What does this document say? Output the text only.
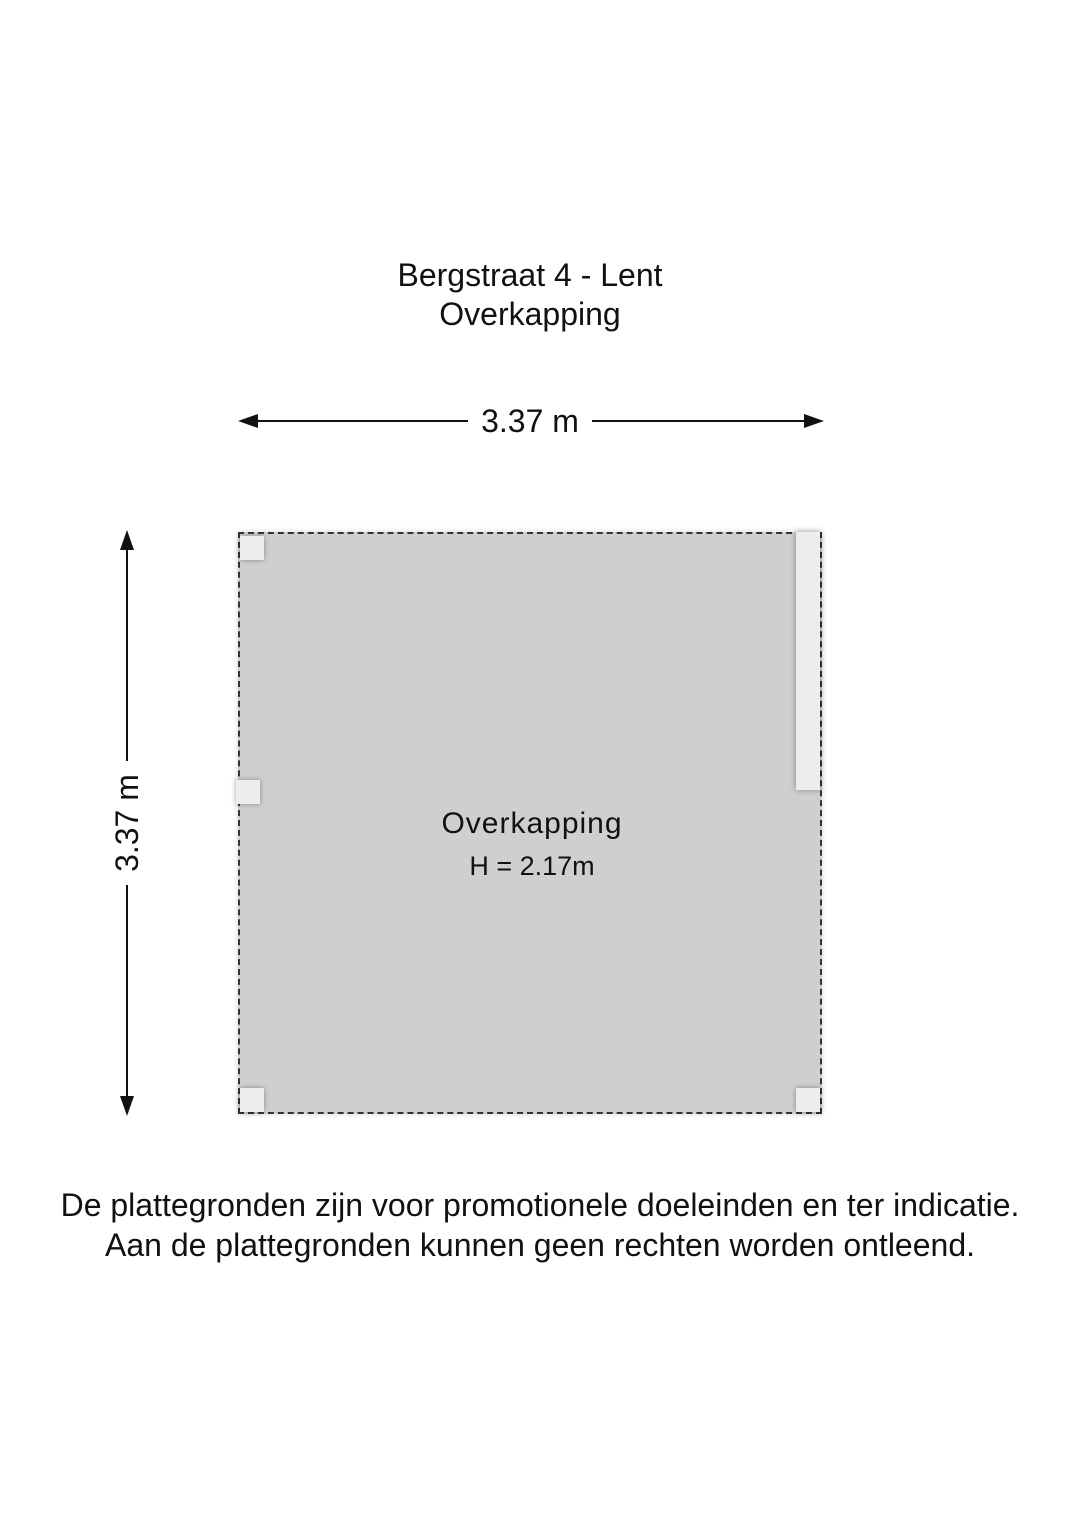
Bergstraat 4 - Lent
Overkapping
3.37 m
3.37 m	Overkapping
H = 2.17m
De plattegronden zijn voor promotionele doeleinden en ter indicatie.
Aan de plattegronden kunnen geen rechten worden ontleend.
